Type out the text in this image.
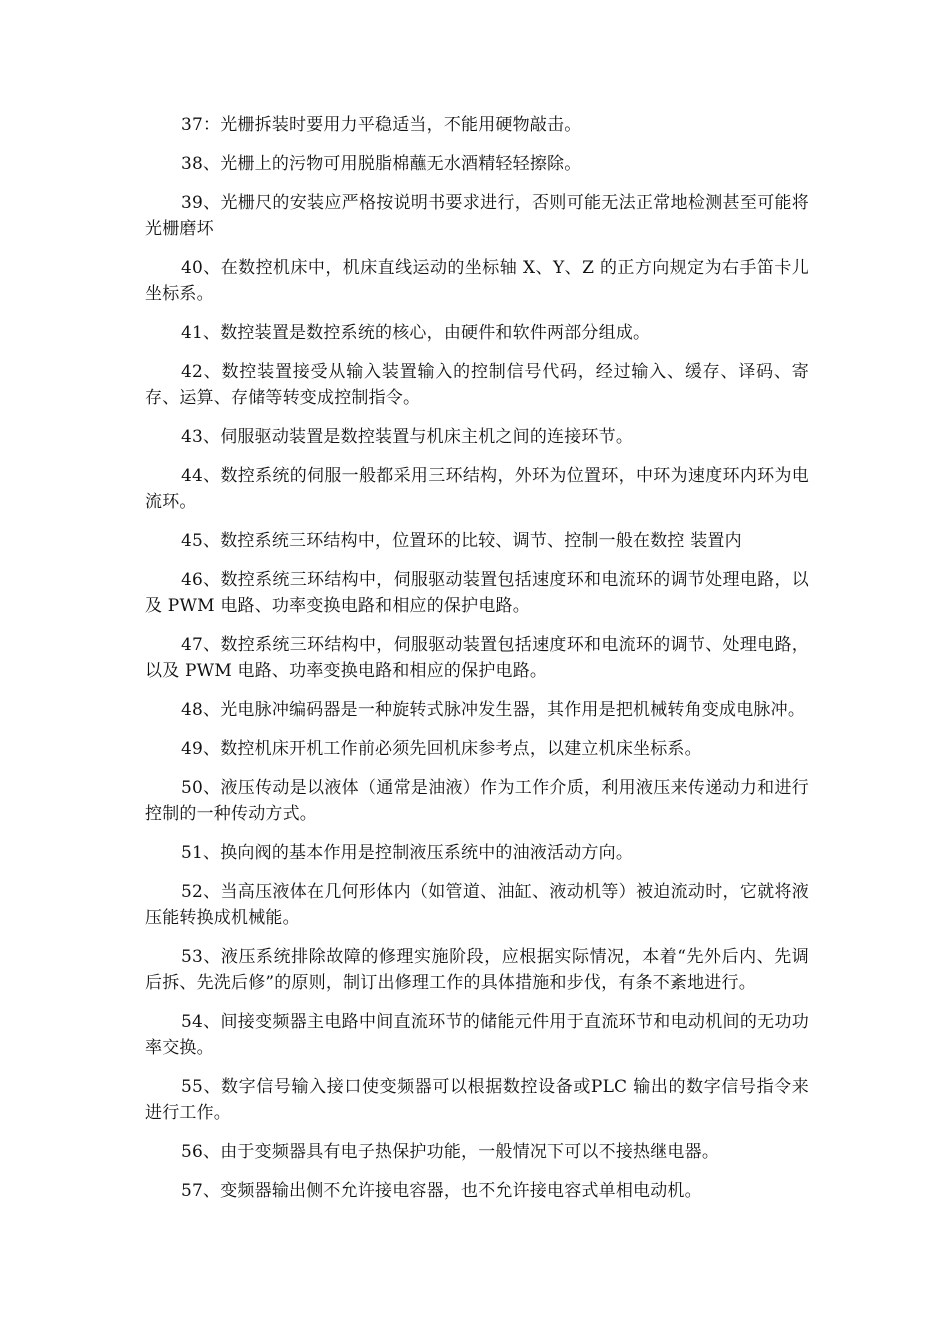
37：光栅拆装时要用力平稳适当，不能用硬物敲击。

38、光栅上的污物可用脱脂棉蘸无水酒精轻轻擦除。

39、光栅尺的安装应严格按说明书要求进行，否则可能无法正常地检测甚至可能将光栅磨坏

40、在数控机床中，机床直线运动的坐标轴 X、Y、Z 的正方向规定为右手笛卡儿坐标系。

41、数控装置是数控系统的核心，由硬件和软件两部分组成。

42、数控装置接受从输入装置输入的控制信号代码，经过输入、缓存、译码、寄存、运算、存储等转变成控制指令。

43、伺服驱动装置是数控装置与机床主机之间的连接环节。

44、数控系统的伺服一般都采用三环结构，外环为位置环，中环为速度环内环为电流环。

45、数控系统三环结构中，位置环的比较、调节、控制一般在数控 装置内

46、数控系统三环结构中，伺服驱动装置包括速度环和电流环的调节处理电路，以及 PWM 电路、功率变换电路和相应的保护电路。

47、数控系统三环结构中，伺服驱动装置包括速度环和电流环的调节、处理电路，以及 PWM 电路、功率变换电路和相应的保护电路。

48、光电脉冲编码器是一种旋转式脉冲发生器，其作用是把机械转角变成电脉冲。

49、数控机床开机工作前必须先回机床参考点，以建立机床坐标系。

50、液压传动是以液体（通常是油液）作为工作介质，利用液压来传递动力和进行控制的一种传动方式。

51、换向阀的基本作用是控制液压系统中的油液活动方向。

52、当高压液体在几何形体内（如管道、油缸、液动机等）被迫流动时，它就将液压能转换成机械能。

53、液压系统排除故障的修理实施阶段，应根据实际情况，本着“先外后内、先调后拆、先洗后修”的原则，制订出修理工作的具体措施和步伐，有条不紊地进行。

54、间接变频器主电路中间直流环节的储能元件用于直流环节和电动机间的无功功率交换。

55、数字信号输入接口使变频器可以根据数控设备或PLC 输出的数字信号指令来进行工作。

56、由于变频器具有电子热保护功能，一般情况下可以不接热继电器。

57、变频器输出侧不允许接电容器，也不允许接电容式单相电动机。
